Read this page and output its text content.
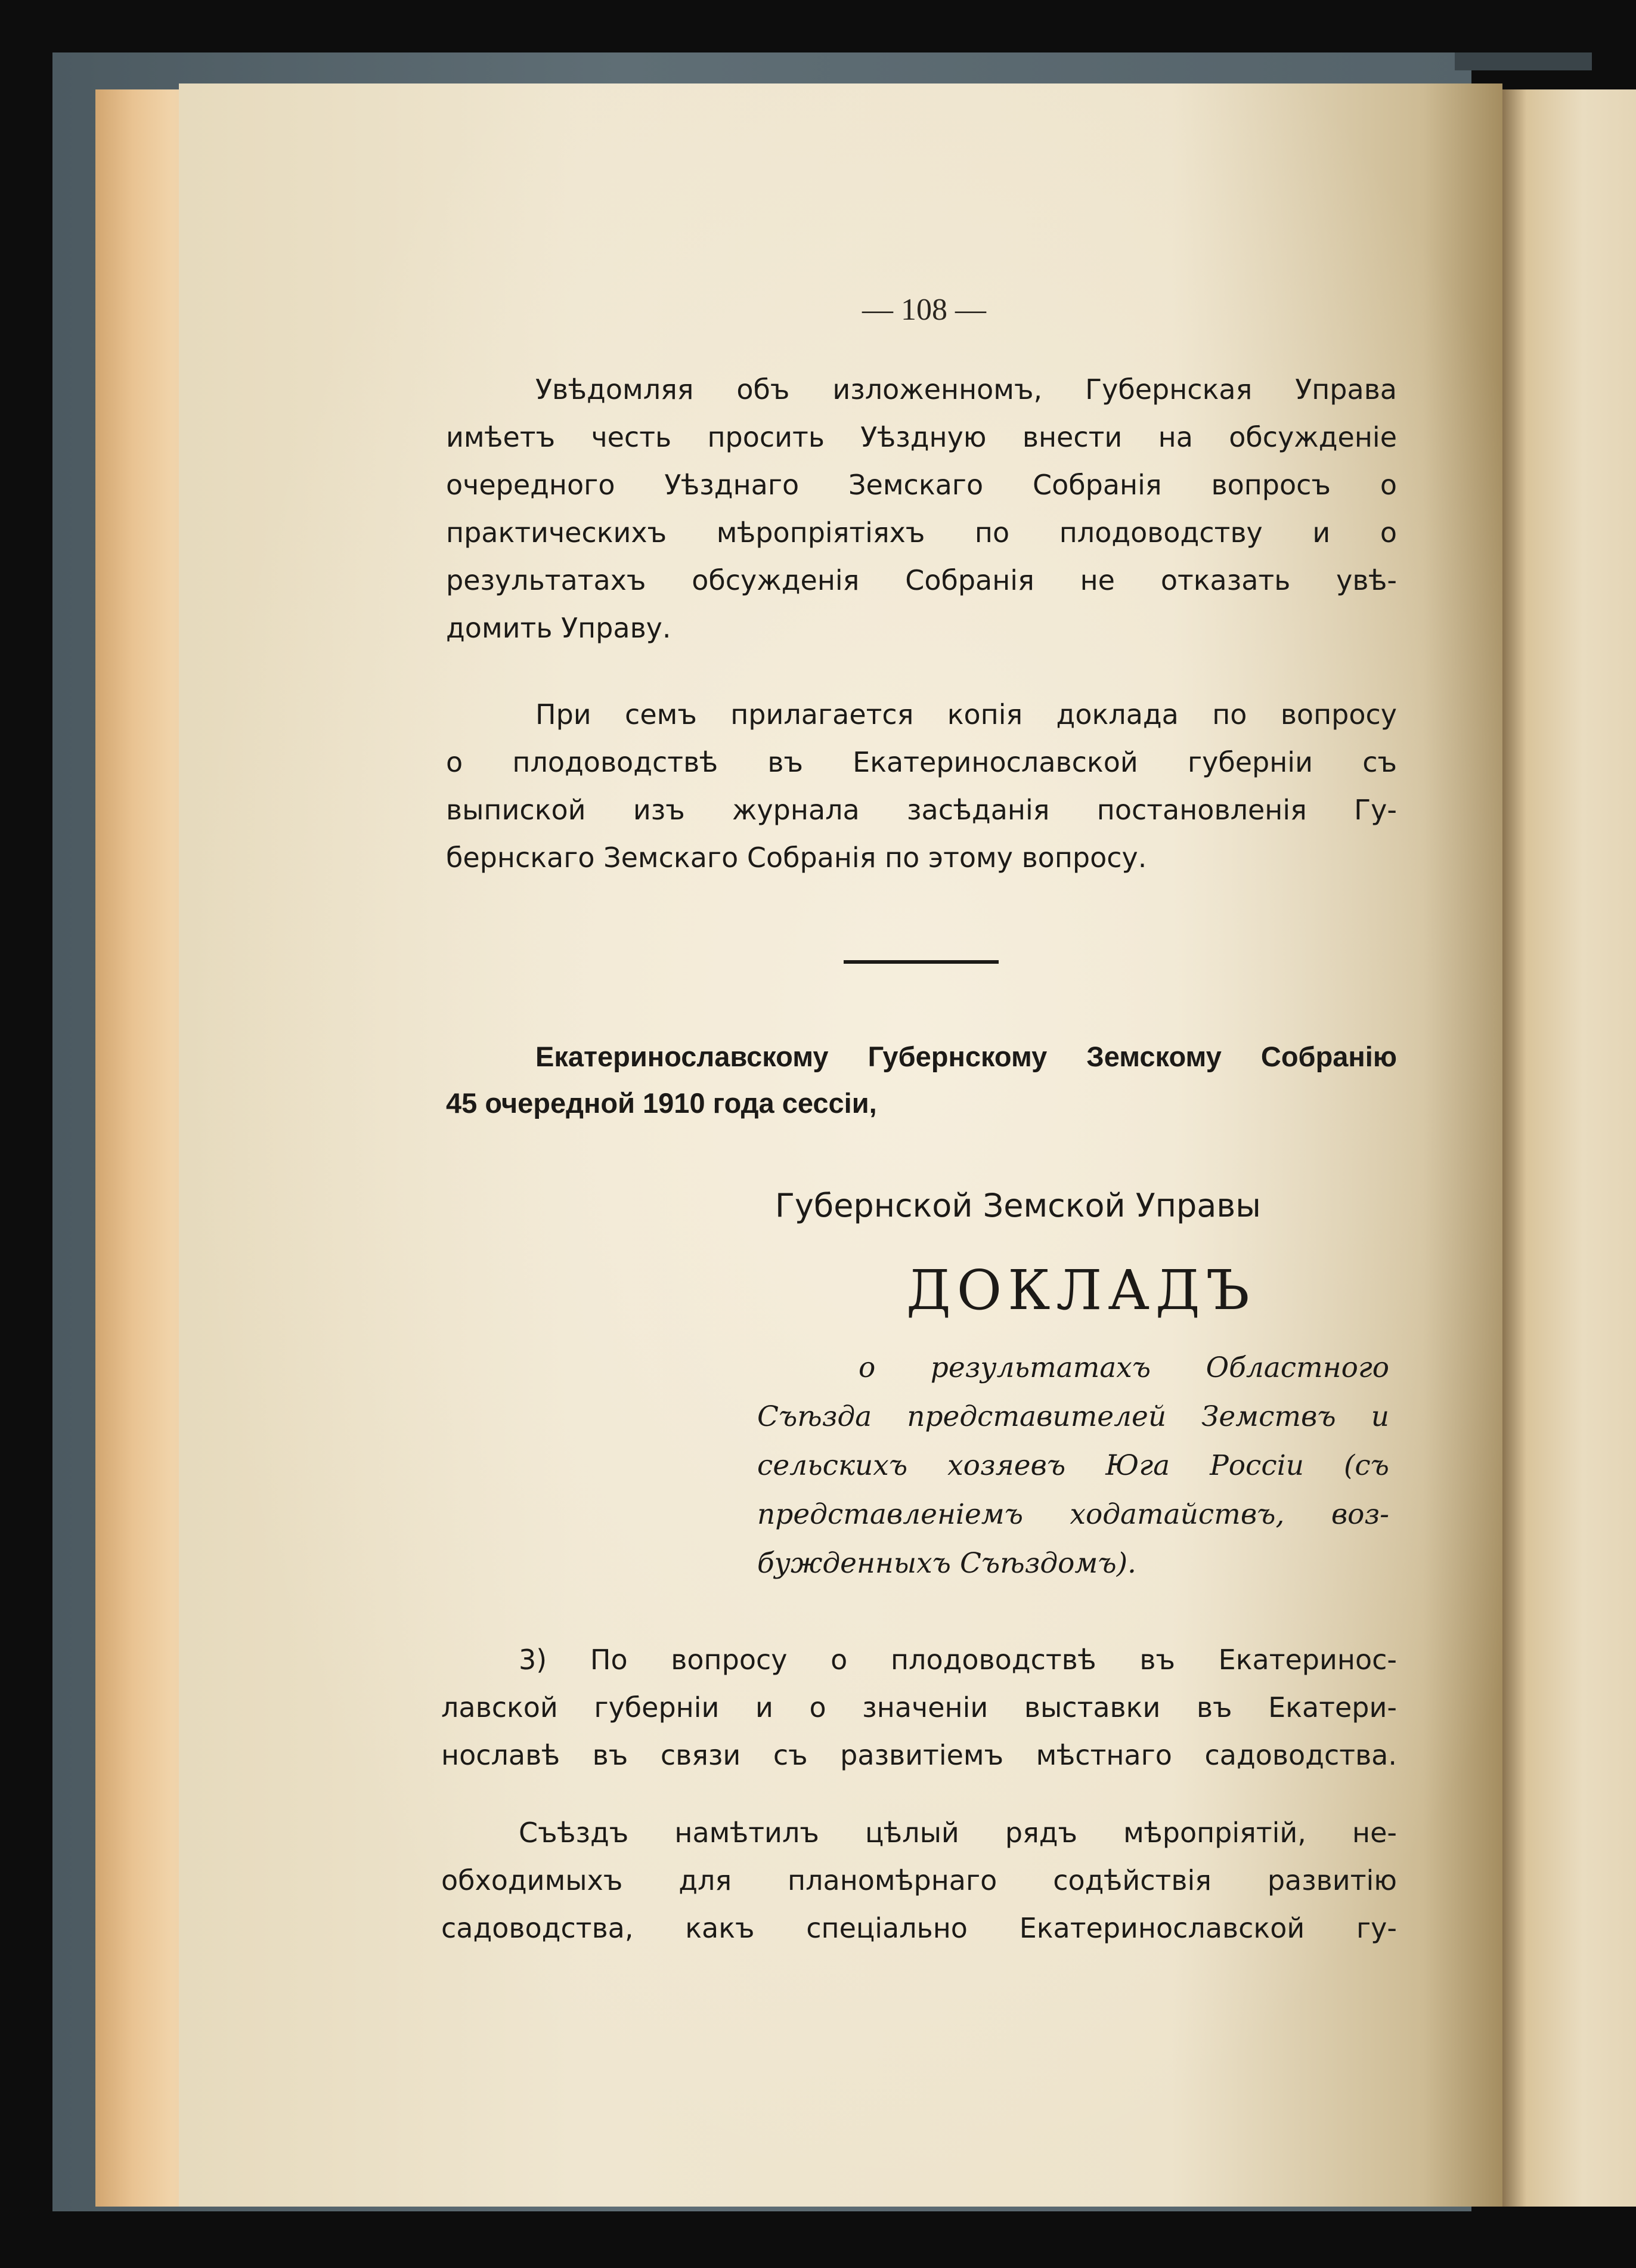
— 108 —
Увѣдомляя объ изложенномъ, Губернская Управа
имѣетъ честь просить Уѣздную внести на обсужденіе
очередного Уѣзднаго Земскаго Собранія вопросъ о
практическихъ мѣропріятіяхъ по плодоводству и о
результатахъ обсужденія Собранія не отказать увѣ-
домить Управу.
При семъ прилагается копія доклада по вопросу
о плодоводствѣ въ Екатеринославской губерніи съ
выпиской изъ журнала засѣданія постановленія Гу-
бернскаго Земскаго Собранія по этому вопросу.
Екатеринославскому Губернскому Земскому Собранію
45 очередной 1910 года сессіи,
Губернской Земской Управы
ДОКЛАДЪ
о результатахъ Областного
Съѣзда представителей Земствъ и
сельскихъ хозяевъ Юга Россіи (съ
представленіемъ ходатайствъ, воз-
бужденныхъ Съѣздомъ).
3) По вопросу о плодоводствѣ въ Екатеринос-
лавской губерніи и о значеніи выставки въ Екатери-
нославѣ въ связи съ развитіемъ мѣстнаго садоводства.
Съѣздъ намѣтилъ цѣлый рядъ мѣропріятій, не-
обходимыхъ для планомѣрнаго содѣйствія развитію
садоводства, какъ спеціально Екатеринославской гу-
